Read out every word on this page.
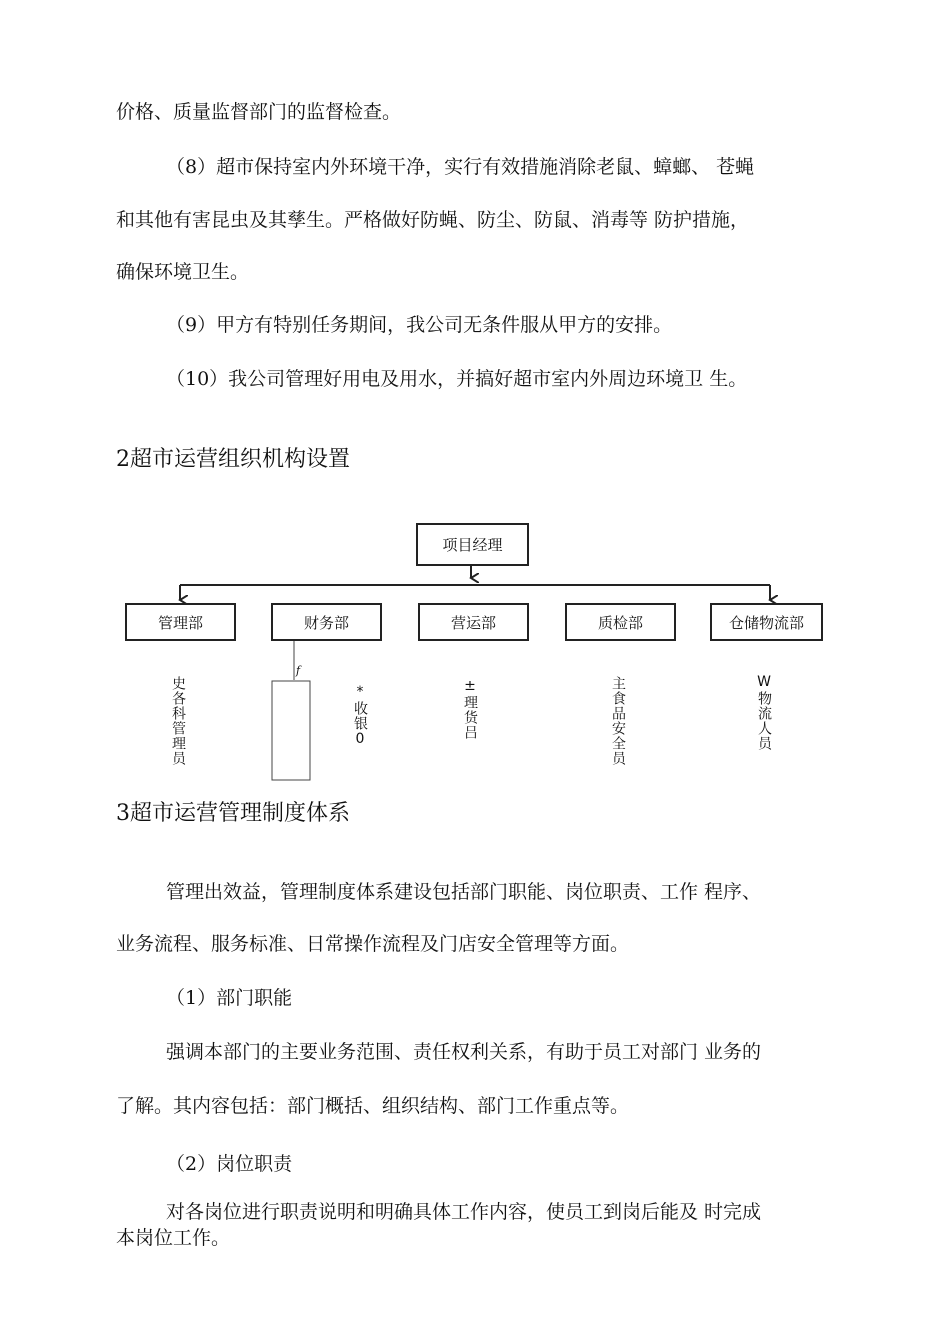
价格、质量监督部门的监督检查。
（8）超市保持室内外环境干净，实行有效措施消除老鼠、蟑螂、 苍蝇
和其他有害昆虫及其孳生。严格做好防蝇、防尘、防鼠、消毒等 防护措施，
确保环境卫生。
（9）甲方有特别任务期间，我公司无条件服从甲方的安排。
（10）我公司管理好用电及用水，并搞好超市室内外周边环境卫 生。
2超市运营组织机构设置
项目经理
管理部	财务部	营运部	质检部	仓储物流部
史各科管理员
f
*收银0	±理货吕	主食品安全员	W物流人员
3超市运营管理制度体系
管理出效益，管理制度体系建设包括部门职能、岗位职责、工作 程序、
业务流程、服务标准、日常操作流程及门店安全管理等方面。
（1）部门职能
强调本部门的主要业务范围、责任权利关系，有助于员工对部门 业务的
了解。其内容包括：部门概括、组织结构、部门工作重点等。
（2）岗位职责
对各岗位进行职责说明和明确具体工作内容，使员工到岗后能及 时完成
本岗位工作。
